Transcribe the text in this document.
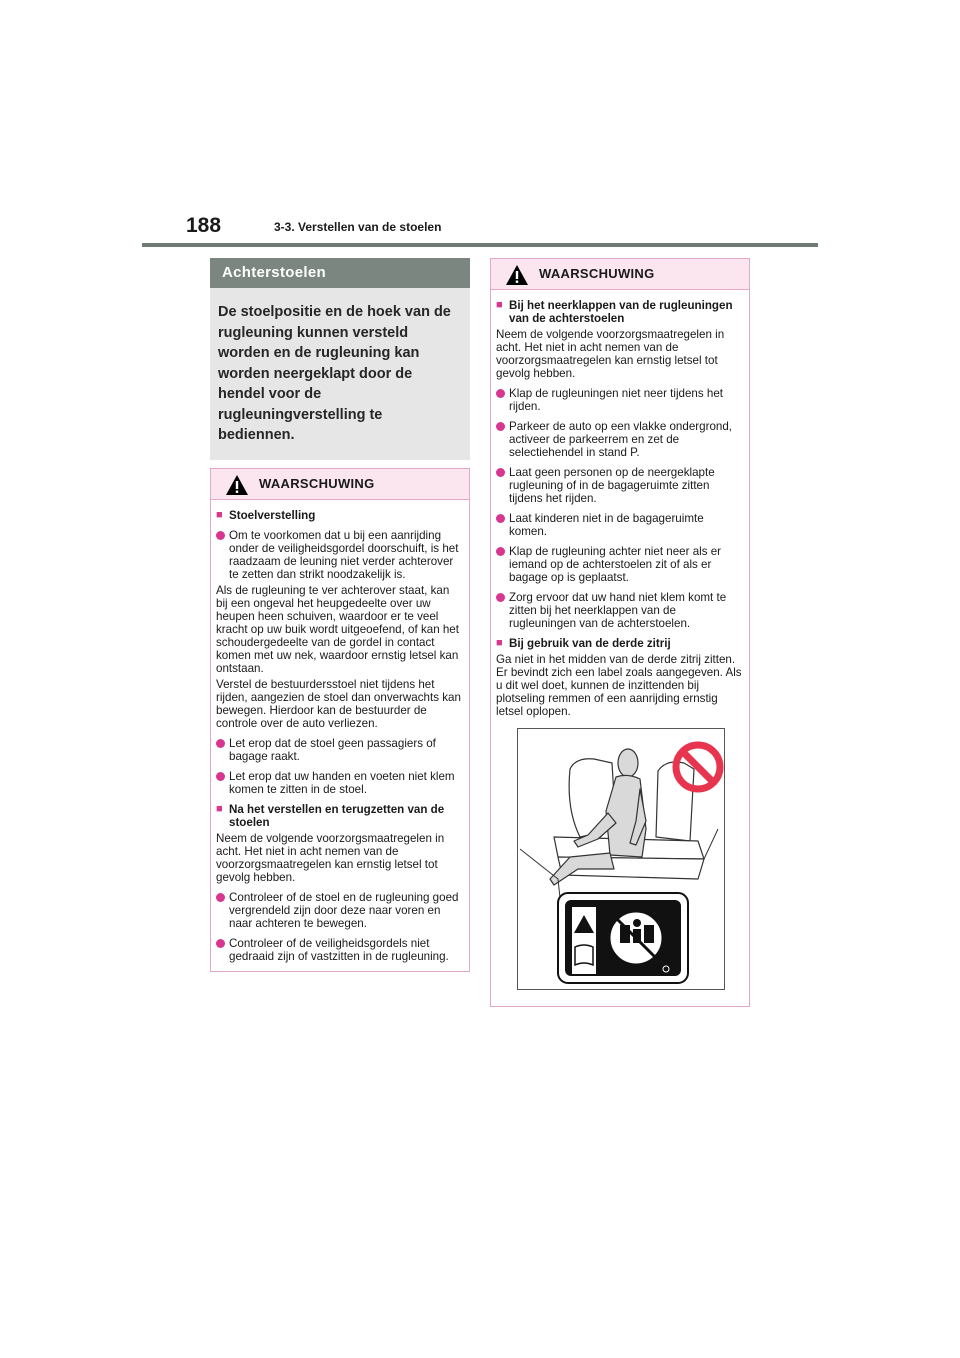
188	3-3. Verstellen van de stoelen
Achterstoelen
De stoelpositie en de hoek van de rugleuning kunnen versteld worden en de rugleuning kan worden neergeklapt door de hendel voor de rugleuningverstelling te bediennen.
WAARSCHUWING
■ Stoelverstelling
Om te voorkomen dat u bij een aanrijding onder de veiligheidsgordel doorschuift, is het raadzaam de leuning niet verder achterover te zetten dan strikt noodzakelijk is.
Als de rugleuning te ver achterover staat, kan bij een ongeval het heupgedeelte over uw heupen heen schuiven, waardoor er te veel kracht op uw buik wordt uitgeoefend, of kan het schoudergedeelte van de gordel in contact komen met uw nek, waardoor ernstig letsel kan ontstaan.
Verstel de bestuurdersstoel niet tijdens het rijden, aangezien de stoel dan onverwachts kan bewegen. Hierdoor kan de bestuurder de controle over de auto verliezen.
Let erop dat de stoel geen passagiers of bagage raakt.
Let erop dat uw handen en voeten niet klem komen te zitten in de stoel.
■ Na het verstellen en terugzetten van de stoelen
Neem de volgende voorzorgsmaatregelen in acht. Het niet in acht nemen van de voorzorgsmaatregelen kan ernstig letsel tot gevolg hebben.
Controleer of de stoel en de rugleuning goed vergrendeld zijn door deze naar voren en naar achteren te bewegen.
Controleer of de veiligheidsgordels niet gedraaid zijn of vastzitten in de rugleuning.
WAARSCHUWING
■ Bij het neerklappen van de rugleuningen van de achterstoelen
Neem de volgende voorzorgsmaatregelen in acht. Het niet in acht nemen van de voorzorgsmaatregelen kan ernstig letsel tot gevolg hebben.
Klap de rugleuningen niet neer tijdens het rijden.
Parkeer de auto op een vlakke ondergrond, activeer de parkeerrem en zet de selectiehendel in stand P.
Laat geen personen op de neergeklapte rugleuning of in de bagageruimte zitten tijdens het rijden.
Laat kinderen niet in de bagageruimte komen.
Klap de rugleuning achter niet neer als er iemand op de achterstoelen zit of als er bagage op is geplaatst.
Zorg ervoor dat uw hand niet klem komt te zitten bij het neerklappen van de rugleuningen van de achterstoelen.
■ Bij gebruik van de derde zitrij
Ga niet in het midden van de derde zitrij zitten. Er bevindt zich een label zoals aangegeven. Als u dit wel doet, kunnen de inzittenden bij plotseling remmen of een aanrijding ernstig letsel oplopen.
